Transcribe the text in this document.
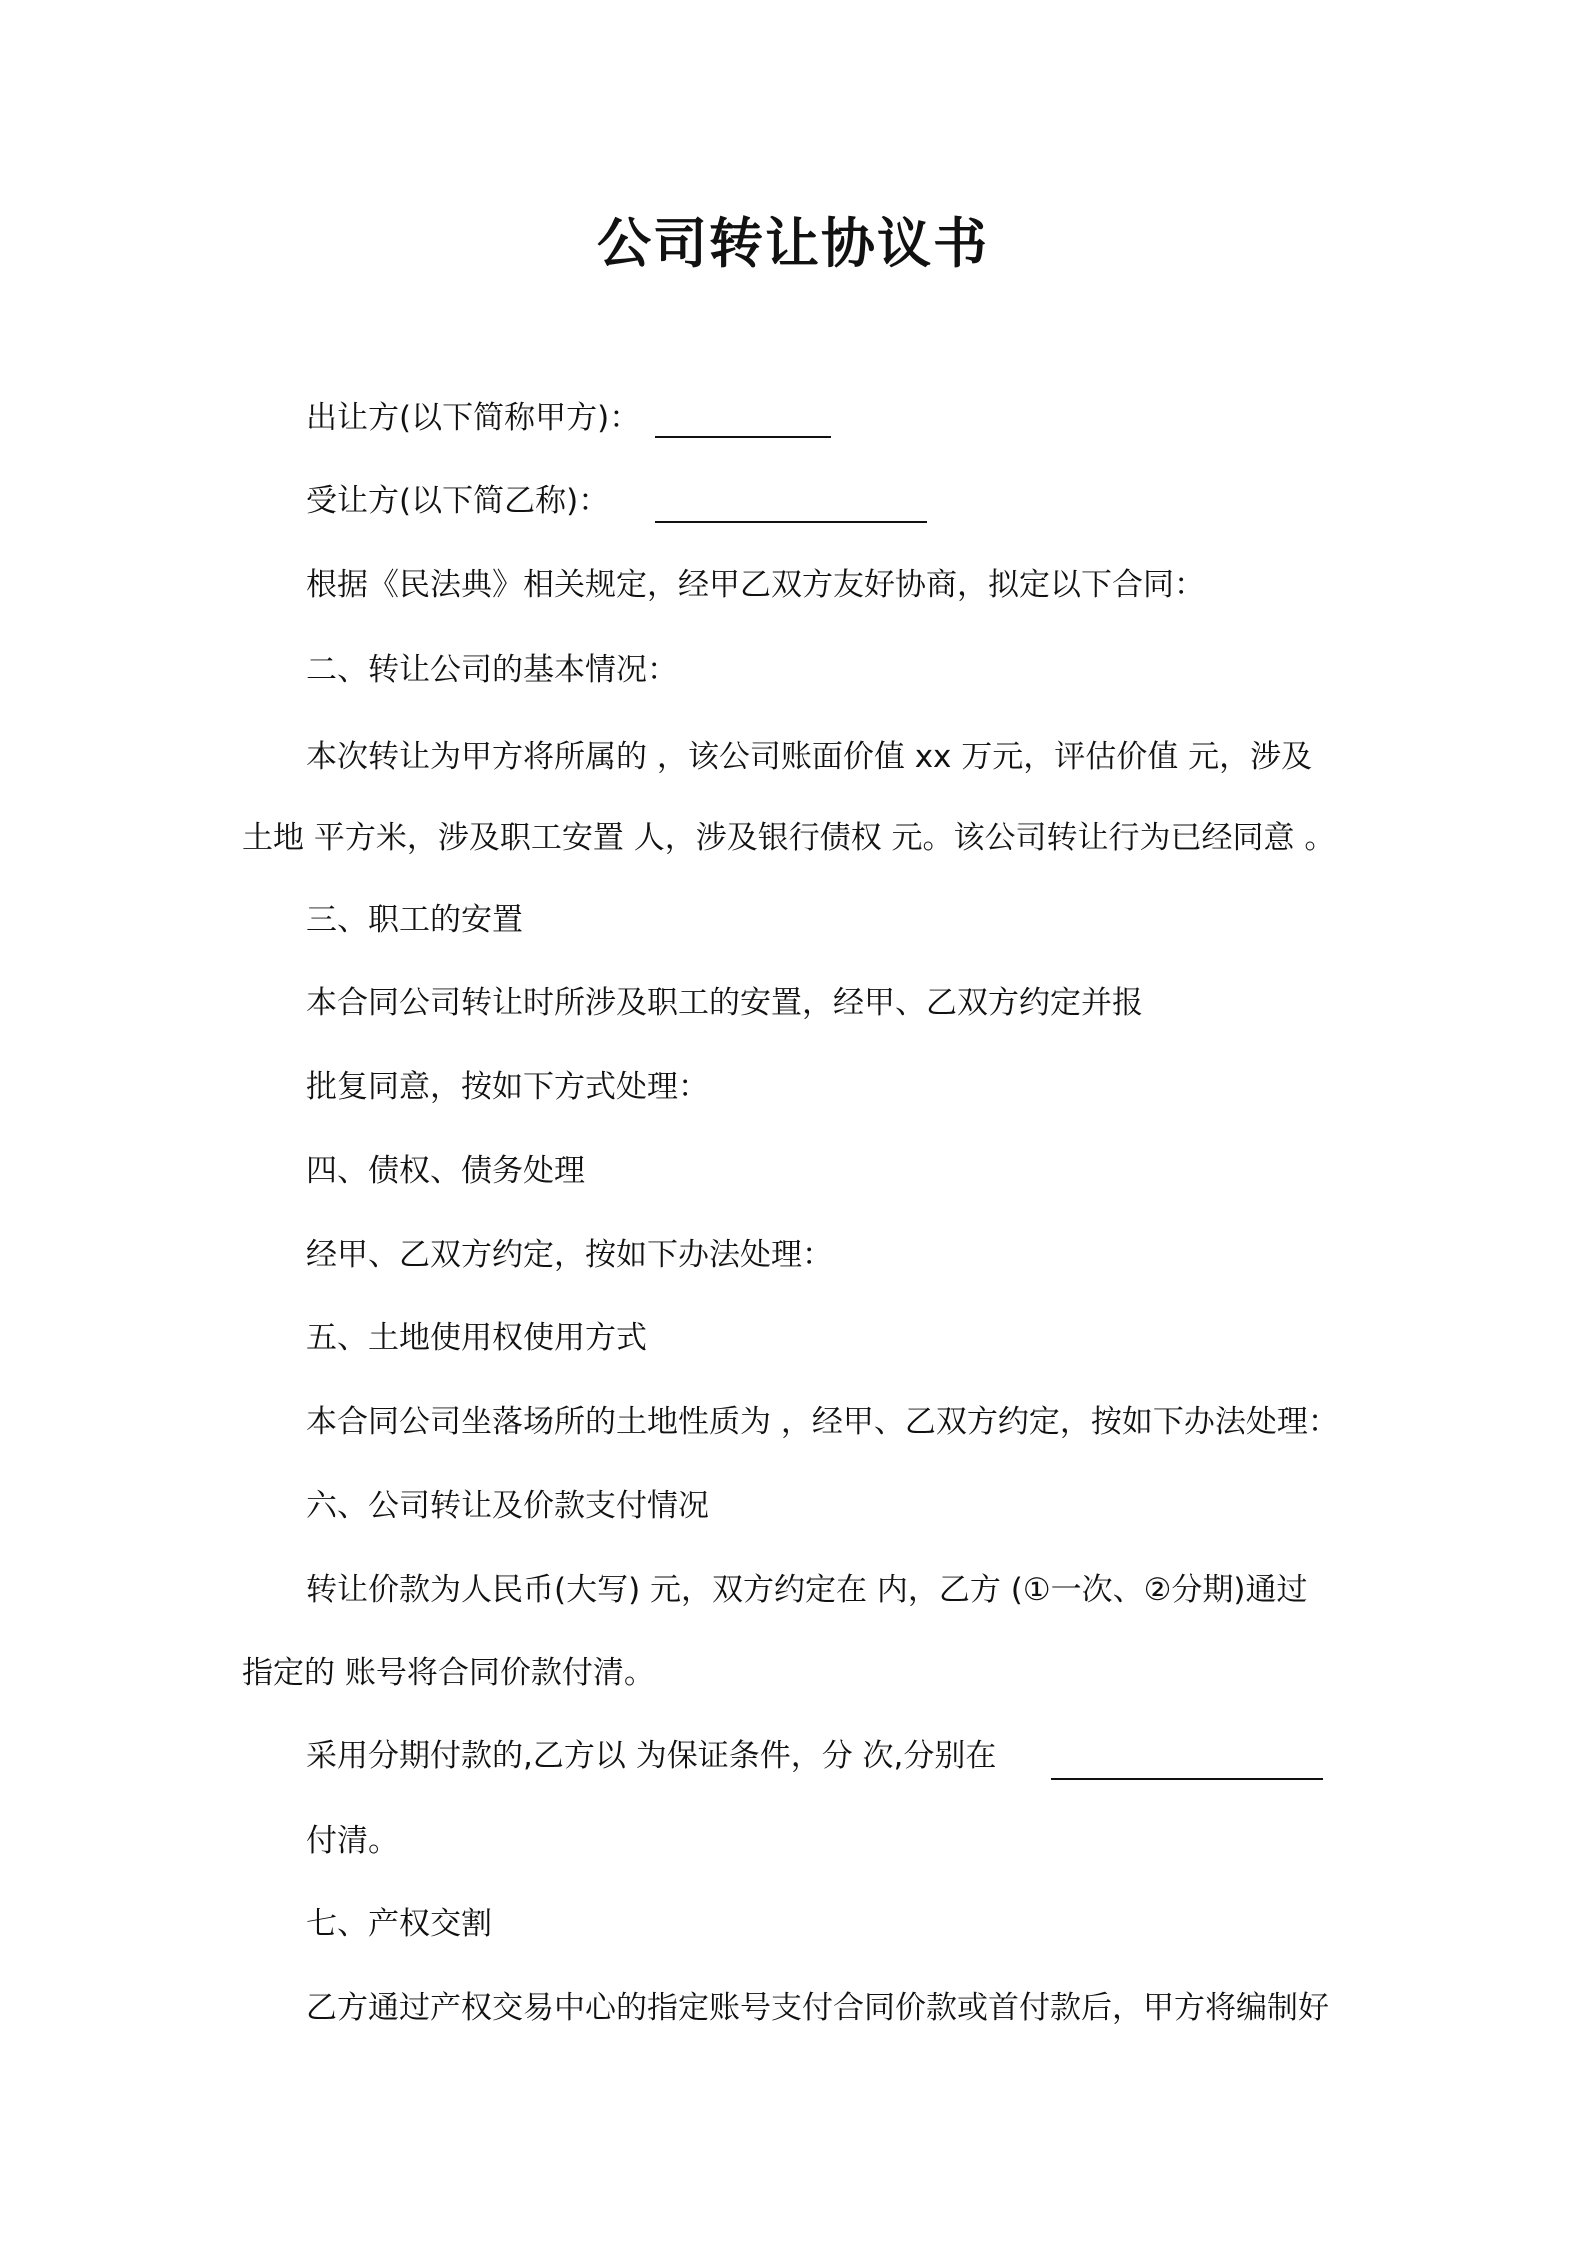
公司转让协议书
出让方(以下简称甲方)：
受让方(以下简乙称)：
根据《民法典》相关规定，经甲乙双方友好协商，拟定以下合同：
二、转让公司的基本情况：
本次转让为甲方将所属的 ，该公司账面价值 xx 万元，评估价值 元，涉及
土地 平方米，涉及职工安置 人，涉及银行债权 元。该公司转让行为已经同意 。
三、职工的安置
本合同公司转让时所涉及职工的安置，经甲、乙双方约定并报
批复同意，按如下方式处理：
四、债权、债务处理
经甲、乙双方约定，按如下办法处理：
五、土地使用权使用方式
本合同公司坐落场所的土地性质为 ，经甲、乙双方约定，按如下办法处理：
六、公司转让及价款支付情况
转让价款为人民币(大写) 元，双方约定在 内，乙方 (①一次、②分期)通过
指定的 账号将合同价款付清。
采用分期付款的,乙方以 为保证条件，分 次,分别在
付清。
七、产权交割
乙方通过产权交易中心的指定账号支付合同价款或首付款后，甲方将编制好
